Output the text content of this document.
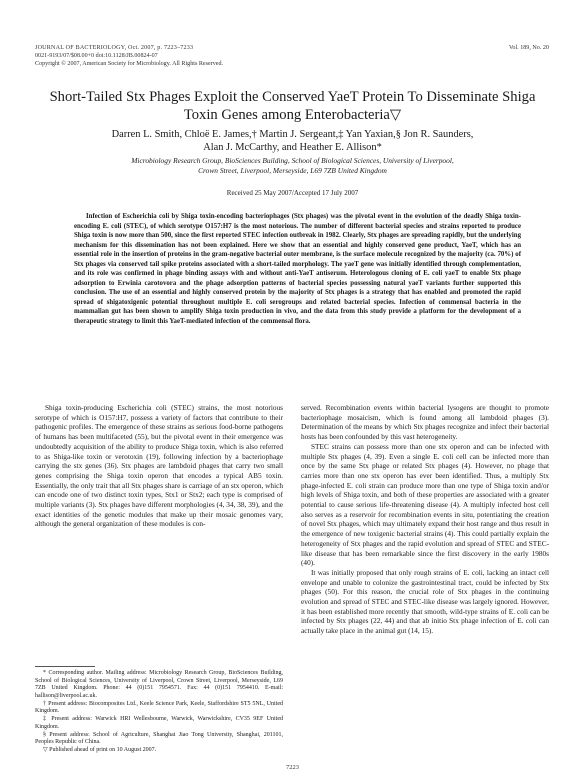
JOURNAL OF BACTERIOLOGY, Oct. 2007, p. 7223–7233
0021-9193/07/$08.00+0 doi:10.1128/JB.00824-07
Copyright © 2007, American Society for Microbiology. All Rights Reserved.
Vol. 189, No. 20
Short-Tailed Stx Phages Exploit the Conserved YaeT Protein To Disseminate Shiga Toxin Genes among Enterobacteria▽
Darren L. Smith, Chloë E. James,† Martin J. Sergeant,‡ Yan Yaxian,§ Jon R. Saunders,
Alan J. McCarthy, and Heather E. Allison*
Microbiology Research Group, BioSciences Building, School of Biological Sciences, University of Liverpool,
Crown Street, Liverpool, Merseyside, L69 7ZB United Kingdom
Received 25 May 2007/Accepted 17 July 2007

Infection of Escherichia coli by Shiga toxin-encoding bacteriophages (Stx phages) was the pivotal event in the evolution of the deadly Shiga toxin-encoding E. coli (STEC), of which serotype O157:H7 is the most notorious. The number of different bacterial species and strains reported to produce Shiga toxin is now more than 500, since the first reported STEC infection outbreak in 1982. Clearly, Stx phages are spreading rapidly, but the underlying mechanism for this dissemination has not been explained. Here we show that an essential and highly conserved gene product, YaeT, which has an essential role in the insertion of proteins in the gram-negative bacterial outer membrane, is the surface molecule recognized by the majority (ca. 70%) of Stx phages via conserved tail spike proteins associated with a short-tailed morphology. The yaeT gene was initially identified through complementation, and its role was confirmed in phage binding assays with and without anti-YaeT antiserum. Heterologous cloning of E. coli yaeT to enable Stx phage adsorption to Erwinia carotovora and the phage adsorption patterns of bacterial species possessing natural yaeT variants further supported this conclusion. The use of an essential and highly conserved protein by the majority of Stx phages is a strategy that has enabled and promoted the rapid spread of shigatoxigenic potential throughout multiple E. coli serogroups and related bacterial species. Infection of commensal bacteria in the mammalian gut has been shown to amplify Shiga toxin production in vivo, and the data from this study provide a platform for the development of a therapeutic strategy to limit this YaeT-mediated infection of the commensal flora.

Shiga toxin-producing Escherichia coli (STEC) strains, the most notorious serotype of which is O157:H7, possess a variety of factors that contribute to their pathogenic profiles. The emergence of these strains as serious food-borne pathogens of humans has been multifaceted (55), but the pivotal event in their emergence was undoubtedly acquisition of the ability to produce Shiga toxin, which is also referred to as Shiga-like toxin or verotoxin (19), following infection by a bacteriophage carrying the stx genes (36). Stx phages are lambdoid phages that carry two small genes comprising the Shiga toxin operon that encodes a typical AB5 toxin. Essentially, the only trait that all Stx phages share is carriage of an stx operon, which can encode one of two distinct toxin types, Stx1 or Stx2; each type is comprised of multiple variants (3). Stx phages have different morphologies (4, 34, 38, 39), and the exact identities of the genetic modules that make up their mosaic genomes vary, although the general organization of these modules is con-

served. Recombination events within bacterial lysogens are thought to promote bacteriophage mosaicism, which is found among all lambdoid phages (3). Determination of the means by which Stx phages recognize and infect their bacterial hosts has been confounded by this vast heterogeneity.

STEC strains can possess more than one stx operon and can be infected with multiple Stx phages (4, 39). Even a single E. coli cell can be infected more than once by the same Stx phage or related Stx phages (4). However, no phage that carries more than one stx operon has ever been identified. Thus, a multiply Stx phage-infected E. coli strain can produce more than one type of Shiga toxin and/or high levels of Shiga toxin, and both of these properties are associated with a greater potential to cause serious life-threatening disease (4). A multiply infected host cell also serves as a reservoir for recombination events in situ, potentiating the creation of novel Stx phages, which may ultimately expand their host range and thus result in the emergence of new toxigenic bacterial strains (4). This could partially explain the heterogeneity of Stx phages and the rapid evolution and spread of STEC and STEC-like disease that has been remarkable since the first discovery in the early 1980s (40).

It was initially proposed that only rough strains of E. coli, lacking an intact cell envelope and unable to colonize the gastrointestinal tract, could be infected by Stx phages (50). For this reason, the crucial role of Stx phages in the continuing evolution and spread of STEC and STEC-like disease was largely ignored. However, it has been established more recently that smooth, wild-type strains of E. coli can be infected by Stx phages (22, 44) and that ab initio Stx phage infection of E. coli can actually take place in the animal gut (14, 15).

* Corresponding author. Mailing address: Microbiology Research Group, BioSciences Building, School of Biological Sciences, University of Liverpool, Crown Street, Liverpool, Merseyside, L69 7ZB United Kingdom. Phone: 44 (0)151 7954571. Fax: 44 (0)151 7954410. E-mail: hallison@liverpool.ac.uk.

† Present address: Biocomposites Ltd., Keele Science Park, Keele, Staffordshire ST5 5NL, United Kingdom.

‡ Present address: Warwick HRI Wellesbourne, Warwick, Warwickshire, CV35 9EF United Kingdom.

§ Present address: School of Agriculture, Shanghai Jiao Tong University, Shanghai, 201101, Peoples Republic of China.

▽ Published ahead of print on 10 August 2007.

7223
